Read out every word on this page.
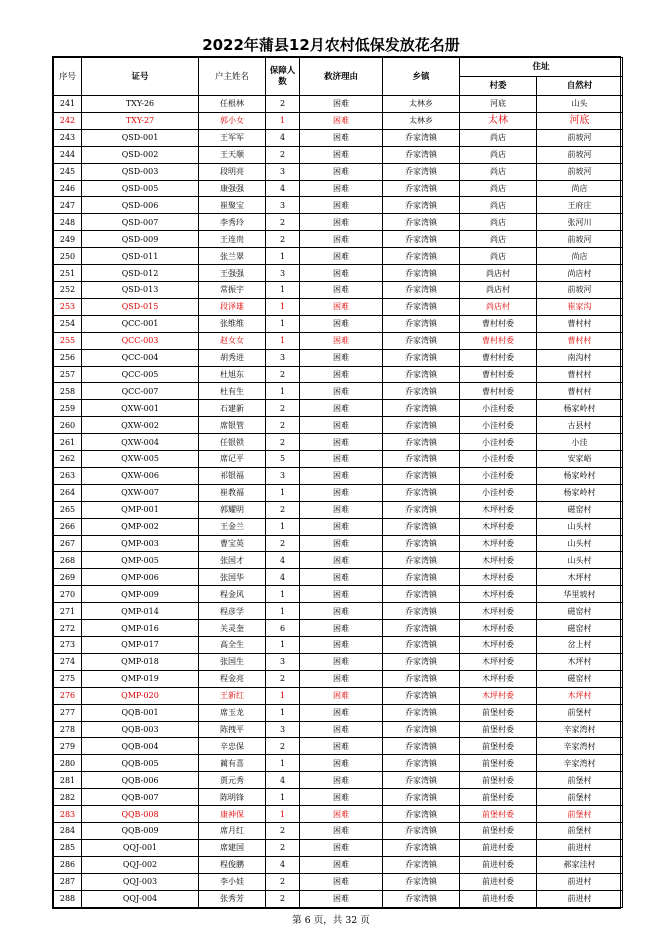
2022年蒲县12月农村低保发放花名册
序号	证号	户主姓名	保障人数	救济理由	乡镇	住址	
						村委	自然村
241	TXY-26	任根林	2	困难	太林乡	河底	山头
242	TXY-27	郭小女	1	困难	太林乡	太林	河底
243	QSD-001	王军军	4	困难	乔家湾镇	尚店	前坡河
244	QSD-002	王天顺	2	困难	乔家湾镇	尚店	前坡河
245	QSD-003	段明亮	3	困难	乔家湾镇	尚店	前坡河
246	QSD-005	康强强	4	困难	乔家湾镇	尚店	尚店
247	QSD-006	崔聚宝	3	困难	乔家湾镇	尚店	王府庄
248	QSD-007	李秀玲	2	困难	乔家湾镇	尚店	张河川
249	QSD-009	王连贵	2	困难	乔家湾镇	尚店	前坡河
250	QSD-011	张兰翠	1	困难	乔家湾镇	尚店	尚店
251	QSD-012	王强强	3	困难	乔家湾镇	尚店村	尚店村
252	QSD-013	常振宇	1	困难	乔家湾镇	尚店村	前坡河
253	QSD-015	段泽雄	1	困难	乔家湾镇	尚店村	崔家沟
254	QCC-001	张维维	1	困难	乔家湾镇	曹村村委	曹村村
255	QCC-003	赵女女	1	困难	乔家湾镇	曹村村委	曹村村
256	QCC-004	胡秀进	3	困难	乔家湾镇	曹村村委	南沟村
257	QCC-005	杜旭东	2	困难	乔家湾镇	曹村村委	曹村村
258	QCC-007	杜有生	1	困难	乔家湾镇	曹村村委	曹村村
259	QXW-001	石建新	2	困难	乔家湾镇	小洼村委	杨家岭村
260	QXW-002	席银管	2	困难	乔家湾镇	小洼村委	古县村
261	QXW-004	任银锁	2	困难	乔家湾镇	小洼村委	小洼
262	QXW-005	席记平	5	困难	乔家湾镇	小洼村委	安家峪
263	QXW-006	祁银福	3	困难	乔家湾镇	小洼村委	杨家岭村
264	QXW-007	崔教福	1	困难	乔家湾镇	小洼村委	杨家岭村
265	QMP-001	郭耀明	2	困难	乔家湾镇	木坪村委	磁窑村
266	QMP-002	王金兰	1	困难	乔家湾镇	木坪村委	山头村
267	QMP-003	曹宝英	2	困难	乔家湾镇	木坪村委	山头村
268	QMP-005	张国才	4	困难	乔家湾镇	木坪村委	山头村
269	QMP-006	张国华	4	困难	乔家湾镇	木坪村委	木坪村
270	QMP-009	程金风	1	困难	乔家湾镇	木坪村委	华里坡村
271	QMP-014	程彦学	1	困难	乔家湾镇	木坪村委	磁窑村
272	QMP-016	关灵奎	6	困难	乔家湾镇	木坪村委	磁窑村
273	QMP-017	高全生	1	困难	乔家湾镇	木坪村委	岔上村
274	QMP-018	张国生	3	困难	乔家湾镇	木坪村委	木坪村
275	QMP-019	程金亮	2	困难	乔家湾镇	木坪村委	磁窑村
276	QMP-020	王新红	1	困难	乔家湾镇	木坪村委	木坪村
277	QQB-001	席玉龙	1	困难	乔家湾镇	前堡村委	前堡村
278	QQB-003	陈拽平	3	困难	乔家湾镇	前堡村委	辛家湾村
279	QQB-004	辛忠保	2	困难	乔家湾镇	前堡村委	辛家湾村
280	QQB-005	蔺有喜	1	困难	乔家湾镇	前堡村委	辛家湾村
281	QQB-006	贾元秀	4	困难	乔家湾镇	前堡村委	前堡村
282	QQB-007	陈明锋	1	困难	乔家湾镇	前堡村委	前堡村
283	QQB-008	康神保	1	困难	乔家湾镇	前堡村委	前堡村
284	QQB-009	席月红	2	困难	乔家湾镇	前堡村委	前堡村
285	QQJ-001	席建国	2	困难	乔家湾镇	前进村委	前进村
286	QQJ-002	程俊鹏	4	困难	乔家湾镇	前进村委	郝家洼村
287	QQJ-003	李小娃	2	困难	乔家湾镇	前进村委	前进村
288	QQJ-004	张秀芳	2	困难	乔家湾镇	前进村委	前进村
第 6 页，共 32 页
